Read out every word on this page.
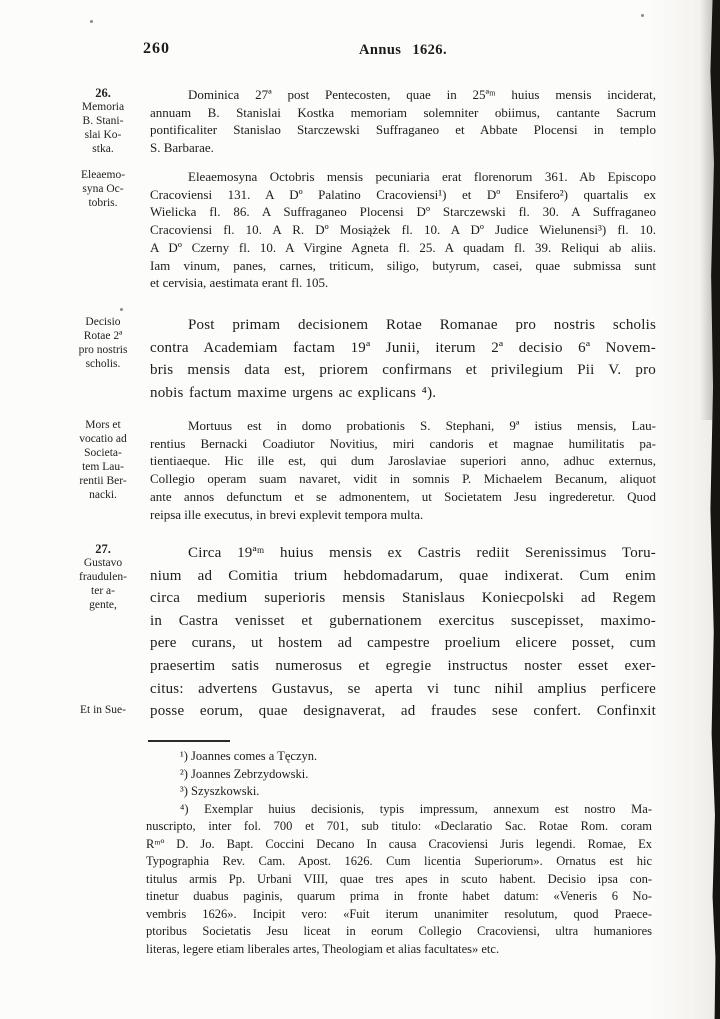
260	Annus 1626.
26.
Memoria
B. Stani-
slai Ko-
stka.
Eleaemo-
syna Oc-
tobris.
Decisio
Rotae 2ª
pro nostris
scholis.
Mors et
vocatio ad
Societa-
tem Lau-
rentii Ber-
nacki.
27.
Gustavo
fraudulen-
ter a-
gente,
Et in Sue-
Dominica 27ª post Pentecosten, quae in 25ªᵐ huius mensis inciderat,
annuam B. Stanislai Kostka memoriam solemniter obiimus, cantante Sacrum
pontificaliter Stanislao Starczewski Suffraganeo et Abbate Plocensi in templo
S. Barbarae.
Eleaemosyna Octobris mensis pecuniaria erat florenorum 361. Ab Episcopo
Cracoviensi 131. A Dº Palatino Cracoviensi¹) et Dº Ensifero²) quartalis ex
Wielicka fl. 86. A Suffraganeo Plocensi Dº Starczewski fl. 30. A Suffraganeo
Cracoviensi fl. 10. A R. Dº Mosiążek fl. 10. A Dº Judice Wielunensi³) fl. 10.
A Dº Czerny fl. 10. A Virgine Agneta fl. 25. A quadam fl. 39. Reliqui ab aliis.
Iam vinum, panes, carnes, triticum, siligo, butyrum, casei, quae submissa sunt
et cervisia, aestimata erant fl. 105.
Post primam decisionem Rotae Romanae pro nostris scholis
contra Academiam factam 19ª Junii, iterum 2ª decisio 6ª Novem-
bris mensis data est, priorem confirmans et privilegium Pii V. pro
nobis factum maxime urgens ac explicans ⁴).
Mortuus est in domo probationis S. Stephani, 9ª istius mensis, Lau-
rentius Bernacki Coadiutor Novitius, miri candoris et magnae humilitatis pa-
tientiaeque. Hic ille est, qui dum Jaroslaviae superiori anno, adhuc externus,
Collegio operam suam navaret, vidit in somnis P. Michaelem Becanum, aliquot
ante annos defunctum et se admonentem, ut Societatem Jesu ingrederetur. Quod
reipsa ille executus, in brevi explevit tempora multa.
Circa 19ªᵐ huius mensis ex Castris rediit Serenissimus Toru-
nium ad Comitia trium hebdomadarum, quae indixerat. Cum enim
circa medium superioris mensis Stanislaus Koniecpolski ad Regem
in Castra venisset et gubernationem exercitus suscepisset, maximo-
pere curans, ut hostem ad campestre proelium elicere posset, cum
praesertim satis numerosus et egregie instructus noster esset exer-
citus: advertens Gustavus, se aperta vi tunc nihil amplius perficere
posse eorum, quae designaverat, ad fraudes sese confert. Confinxit
¹) Joannes comes a Tęczyn.
²) Joannes Zebrzydowski.
³) Szyszkowski.
⁴) Exemplar huius decisionis, typis impressum, annexum est nostro Ma-
nuscripto, inter fol. 700 et 701, sub titulo: «Declaratio Sac. Rotae Rom. coram
Rᵐº D. Jo. Bapt. Coccini Decano In causa Cracoviensi Juris legendi. Romae, Ex
Typographia Rev. Cam. Apost. 1626. Cum licentia Superiorum». Ornatus est hic
titulus armis Pp. Urbani VIII, quae tres apes in scuto habent. Decisio ipsa con-
tinetur duabus paginis, quarum prima in fronte habet datum: «Veneris 6 No-
vembris 1626». Incipit vero: «Fuit iterum unanimiter resolutum, quod Praece-
ptoribus Societatis Jesu liceat in eorum Collegio Cracoviensi, ultra humaniores
literas, legere etiam liberales artes, Theologiam et alias facultates» etc.
